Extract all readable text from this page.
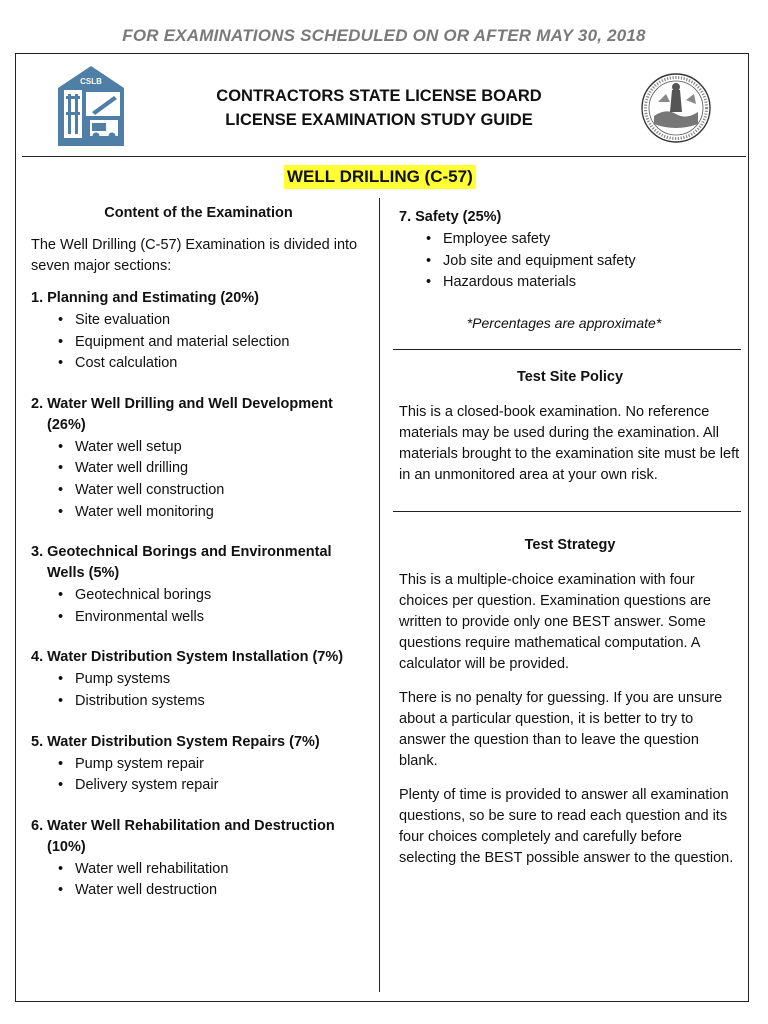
FOR EXAMINATIONS SCHEDULED ON OR AFTER MAY 30, 2018
CSLB
CONTRACTORS STATE LICENSE BOARD
LICENSE EXAMINATION STUDY GUIDE
WELL DRILLING (C-57)

Content of the Examination

The Well Drilling (C-57) Examination is divided into seven major sections:

1. Planning and Estimating (20%)
• Site evaluation
• Equipment and material selection
• Cost calculation
2. Water Well Drilling and Well Development (26%)
• Water well setup
• Water well drilling
• Water well construction
• Water well monitoring
3. Geotechnical Borings and Environmental Wells (5%)
• Geotechnical borings
• Environmental wells
4. Water Distribution System Installation (7%)
• Pump systems
• Distribution systems
5. Water Distribution System Repairs (7%)
• Pump system repair
• Delivery system repair
6. Water Well Rehabilitation and Destruction (10%)
• Water well rehabilitation
• Water well destruction
7. Safety (25%)
• Employee safety
• Job site and equipment safety
• Hazardous materials

*Percentages are approximate*

Test Site Policy

This is a closed-book examination. No reference materials may be used during the examination. All materials brought to the examination site must be left in an unmonitored area at your own risk.

Test Strategy

This is a multiple-choice examination with four choices per question. Examination questions are written to provide only one BEST answer. Some questions require mathematical computation. A calculator will be provided.

There is no penalty for guessing. If you are unsure about a particular question, it is better to try to answer the question than to leave the question blank.

Plenty of time is provided to answer all examination questions, so be sure to read each question and its four choices completely and carefully before selecting the BEST possible answer to the question.
